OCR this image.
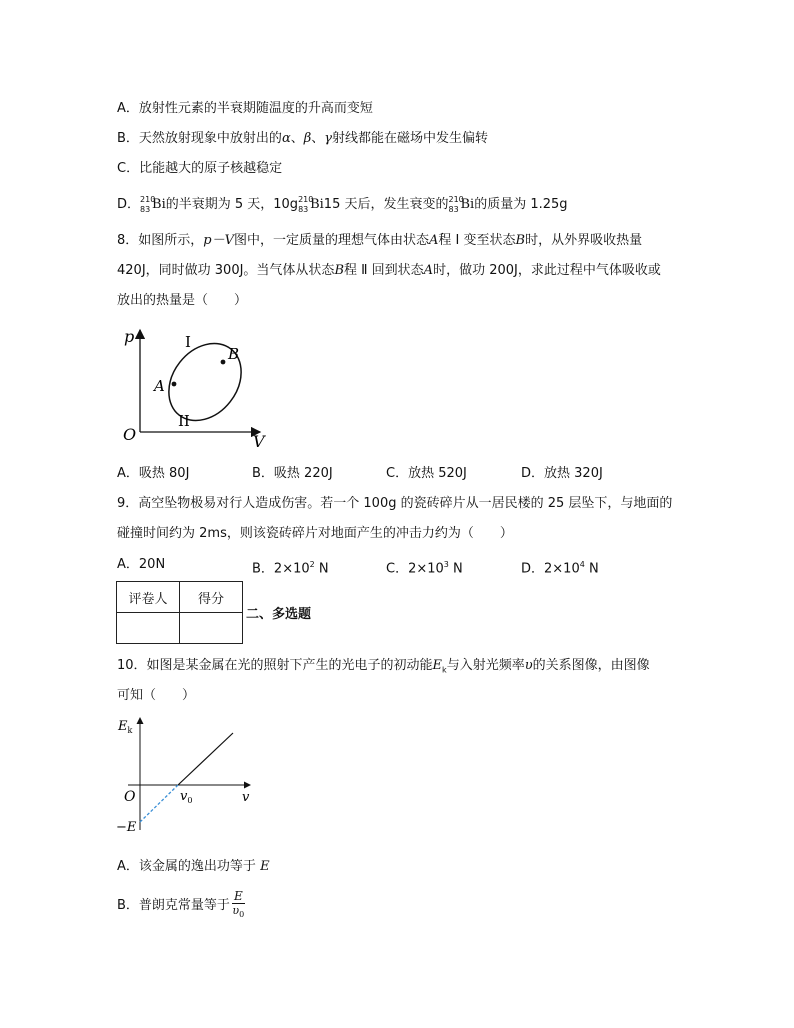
A．放射性元素的半衰期随温度的升高而变短
B．天然放射现象中放射出的α、β、γ射线都能在磁场中发生偏转
C．比能越大的原子核越稳定
D． 210
83 Bi的半衰期为 5 天，10g 210
83 Bi15 天后，发生衰变的 210
83 Bi的质量为 1.25g
8．如图所示，p－V图中，一定质量的理想气体由状态A程 I 变至状态B时，从外界吸收热量
420J，同时做功 300J。当气体从状态B程 Ⅱ 回到状态A时，做功 200J，求此过程中气体吸收或
放出的热量是（　　）
p
V
O
A
B
I
II
A．吸热 80J	B．吸热 220J	C．放热 520J	D．放热 320J
9．高空坠物极易对行人造成伤害。若一个 100g 的瓷砖碎片从一居民楼的 25 层坠下，与地面的
碰撞时间约为 2ms，则该瓷砖碎片对地面产生的冲击力约为（　　）
A．20N	B．$2\times 10^2$ N	C．$2\times 10^3$ N	D．$2\times 10^4$ N
评卷人	得分

二、多选题
10．如图是某金属在光的照射下产生的光电子的初动能$E_k$与入射光频率υ的关系图像，由图像
可知（　　）
$E_k$
O	$v_0$	v
−E
A．该金属的逸出功等于 E
B．普朗克常量等于 $\frac{E}{\upsilon_0}$
